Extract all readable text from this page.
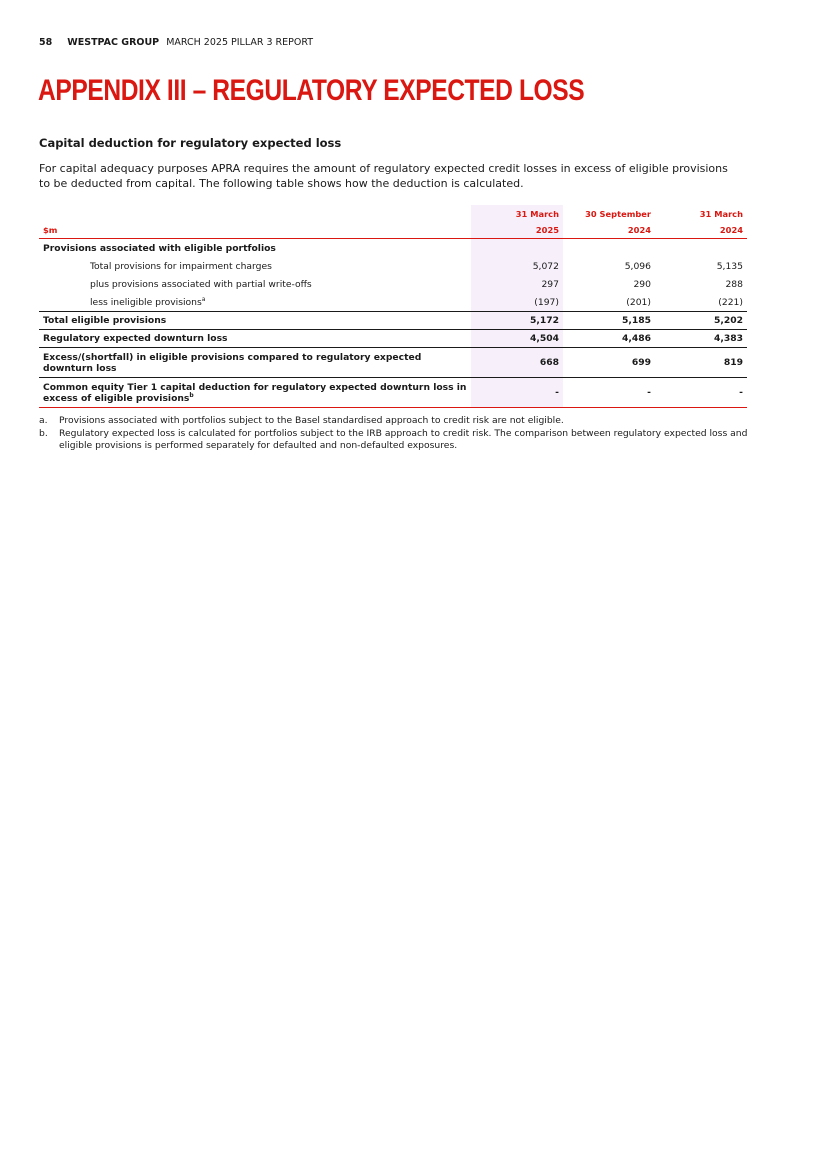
58 WESTPAC GROUP MARCH 2025 PILLAR 3 REPORT
APPENDIX III – REGULATORY EXPECTED LOSS
Capital deduction for regulatory expected loss

For capital adequacy purposes APRA requires the amount of regulatory expected credit losses in excess of eligible provisions to be deducted from capital. The following table shows how the deduction is calculated.

	31 March	30 September	31 March
$m	2025	2024	2024
Provisions associated with eligible portfolios			
Total provisions for impairment charges	5,072	5,096	5,135
plus provisions associated with partial write-offs	297	290	288
less ineligible provisions$^a$	(197)	(201)	(221)
Total eligible provisions	5,172	5,185	5,202
Regulatory expected downturn loss	4,504	4,486	4,383
Excess/(shortfall) in eligible provisions compared to regulatory expected
downturn loss	668	699	819
Common equity Tier 1 capital deduction for regulatory expected downturn loss in
excess of eligible provisions$^b$	-	-	-
a.	Provisions associated with portfolios subject to the Basel standardised approach to credit risk are not eligible.
b.	Regulatory expected loss is calculated for portfolios subject to the IRB approach to credit risk. The comparison between regulatory expected loss and eligible provisions is performed separately for defaulted and non-defaulted exposures.
